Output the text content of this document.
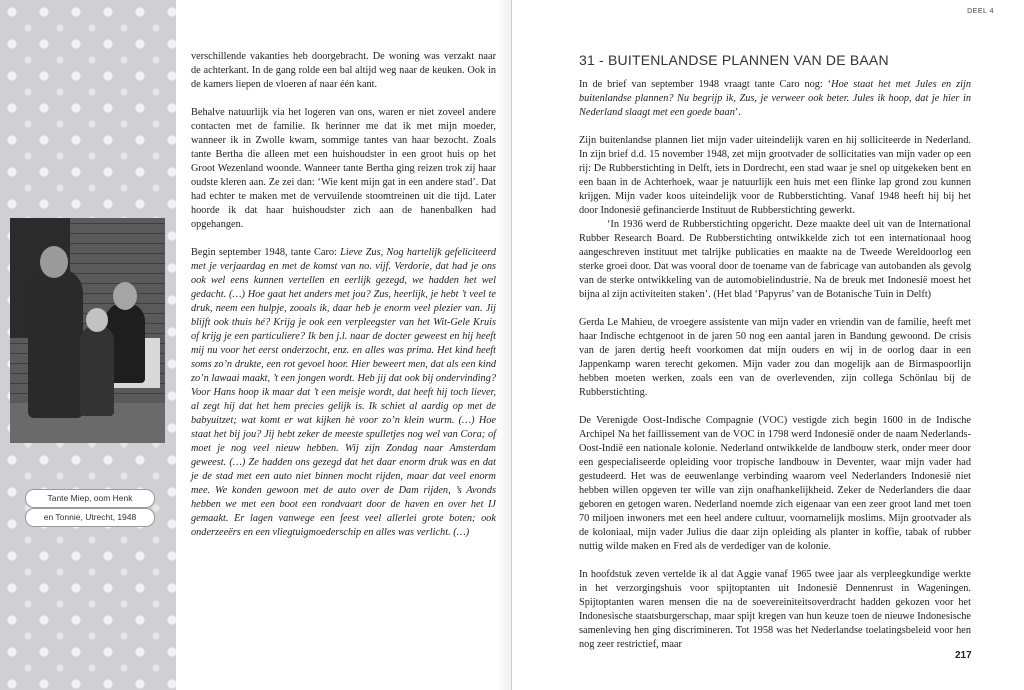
Tante Miep, oom Henk
en Tonnie, Utrecht, 1948

verschillende vakanties heb doorgebracht. De woning was verzakt naar de achterkant. In de gang rolde een bal altijd weg naar de keuken. Ook in de kamers liepen de vloeren af naar één kant.

Behalve natuurlijk via het logeren van ons, waren er niet zoveel andere contacten met de familie. Ik herinner me dat ik met mijn moeder, wanneer ik in Zwolle kwam, sommige tantes van haar bezocht. Zoals tante Bertha die alleen met een huishoudster in een groot huis op het Groot Wezenland woonde. Wanneer tante Bertha ging reizen trok zij haar oudste kleren aan. Ze zei dan: ‘Wie kent mijn gat in een andere stad’. Dat had echter te maken met de vervuilende stoomtreinen uit die tijd. Later hoorde ik dat haar huishoudster zich aan de hanenbalken had opgehangen.

Begin september 1948, tante Caro: Lieve Zus, Nog hartelijk gefeliciteerd met je verjaardag en met de komst van no. vijf. Verdorie, dat had je ons ook wel eens kunnen vertellen en eerlijk gezegd, we hadden het wel gedacht. (…) Hoe gaat het anders met jou? Zus, heerlijk, je hebt ’t veel te druk, neem een hulpje, zooals ik, daar heb je enorm veel plezier van. Jij blijft ook thuis hé? Krijg je ook een verpleegster van het Wit-Gele Kruis of krijg je een particuliere? Ik ben j.l. naar de docter geweest en hij heeft mij nu voor het eerst onderzocht, enz. en alles was prima. Het kind heeft soms zo’n drukte, een rot gevoel hoor. Hier beweert men, dat als een kind zo’n lawaai maakt, ’t een jongen wordt. Heb jij dat ook bij ondervinding? Voor Hans hoop ik maar dat ’t een meisje wordt, dat heeft hij toch liever, al zegt hij dat het hem precies gelijk is. Ik schiet al aardig op met de babyuitzet; wat komt er wat kijken hè voor zo’n klein wurm. (…) Hoe staat het bij jou? Jij hebt zeker de meeste spulletjes nog wel van Cora; of moet je nog veel nieuw hebben. Wij zijn Zondag naar Amsterdam geweest. (…) Ze hadden ons gezegd dat het daar enorm druk was en dat je de stad met een auto niet binnen mocht rijden, maar dat veel enorm mee. We konden gewoon met de auto over de Dam rijden, ’s Avonds hebben we met een boot een rondvaart door de haven en over het IJ gemaakt. Er lagen vanwege een feest veel allerlei grote boten; ook onderzeeërs en een vliegtuigmoederschip en alles was verlicht. (…)

DEEL 4
31 - BUITENLANDSE PLANNEN VAN DE BAAN

In de brief van september 1948 vraagt tante Caro nog: ‘Hoe staat het met Jules en zijn buitenlandse plannen? Nu begrijp ik, Zus, je verweer ook beter. Jules ik hoop, dat je hier in Nederland slaagt met een goede baan’.

Zijn buitenlandse plannen liet mijn vader uiteindelijk varen en hij solliciteerde in Nederland. In zijn brief d.d. 15 november 1948, zet mijn grootvader de sollicitaties van mijn vader op een rij: De Rubberstichting in Delft, iets in Dordrecht, een stad waar je snel op uitgekeken bent en een baan in de Achterhoek, waar je natuurlijk een huis met een flinke lap grond zou kunnen krijgen. Mijn vader koos uiteindelijk voor de Rubberstichting. Vanaf 1948 heeft hij bij het door Indonesië gefinancierde Instituut de Rubberstichting gewerkt.

‘In 1936 werd de Rubberstichting opgericht. Deze maakte deel uit van de International Rubber Research Board. De Rubberstichting ontwikkelde zich tot een internationaal hoog aangeschreven instituut met talrijke publicaties en maakte na de Tweede Wereldoorlog een sterke groei door. Dat was vooral door de toename van de fabricage van autobanden als gevolg van de sterke ontwikkeling van de automobielindustrie. Na de breuk met Indonesië moest het bijna al zijn activiteiten staken’. (Het blad ‘Papyrus’ van de Botanische Tuin in Delft)

Gerda Le Mahieu, de vroegere assistente van mijn vader en vriendin van de familie, heeft met haar Indische echtgenoot in de jaren 50 nog een aantal jaren in Bandung gewoond. De crisis van de jaren dertig heeft voorkomen dat mijn ouders en wij in de oorlog daar in een Jappenkamp waren terecht gekomen. Mijn vader zou dan mogelijk aan de Birmaspoorlijn hebben moeten werken, zoals een van de overlevenden, zijn collega Schönlau bij de Rubberstichting.

De Verenigde Oost-Indische Compagnie (VOC) vestigde zich begin 1600 in de Indische Archipel Na het faillissement van de VOC in 1798 werd Indonesië onder de naam Nederlands-Oost-Indië een nationale kolonie. Nederland ontwikkelde de landbouw sterk, onder meer door een gespecialiseerde opleiding voor tropische landbouw in Deventer, waar mijn vader had gestudeerd. Het was de eeuwenlange verbinding waarom veel Nederlanders Indonesië niet hebben willen opgeven ter wille van zijn onafhankelijkheid. Zeker de Nederlanders die daar geboren en getogen waren. Nederland noemde zich eigenaar van een zeer groot land met toen 70 miljoen inwoners met een heel andere cultuur, voornamelijk moslims. Mijn grootvader als de koloniaal, mijn vader Julius die daar zijn opleiding als planter in koffie, tabak of rubber nuttig wilde maken en Fred als de verdediger van de kolonie.

In hoofdstuk zeven vertelde ik al dat Aggie vanaf 1965 twee jaar als verpleegkundige werkte in het verzorgingshuis voor spijtoptanten uit Indonesië Dennenrust in Wageningen. Spijtoptanten waren mensen die na de soevereiniteitsoverdracht hadden gekozen voor het Indonesische staatsburgerschap, maar spijt kregen van hun keuze toen de nieuwe Indonesische samenleving hen ging discrimineren. Tot 1958 was het Nederlandse toelatingsbeleid voor hen nog zeer restrictief, maar

217
